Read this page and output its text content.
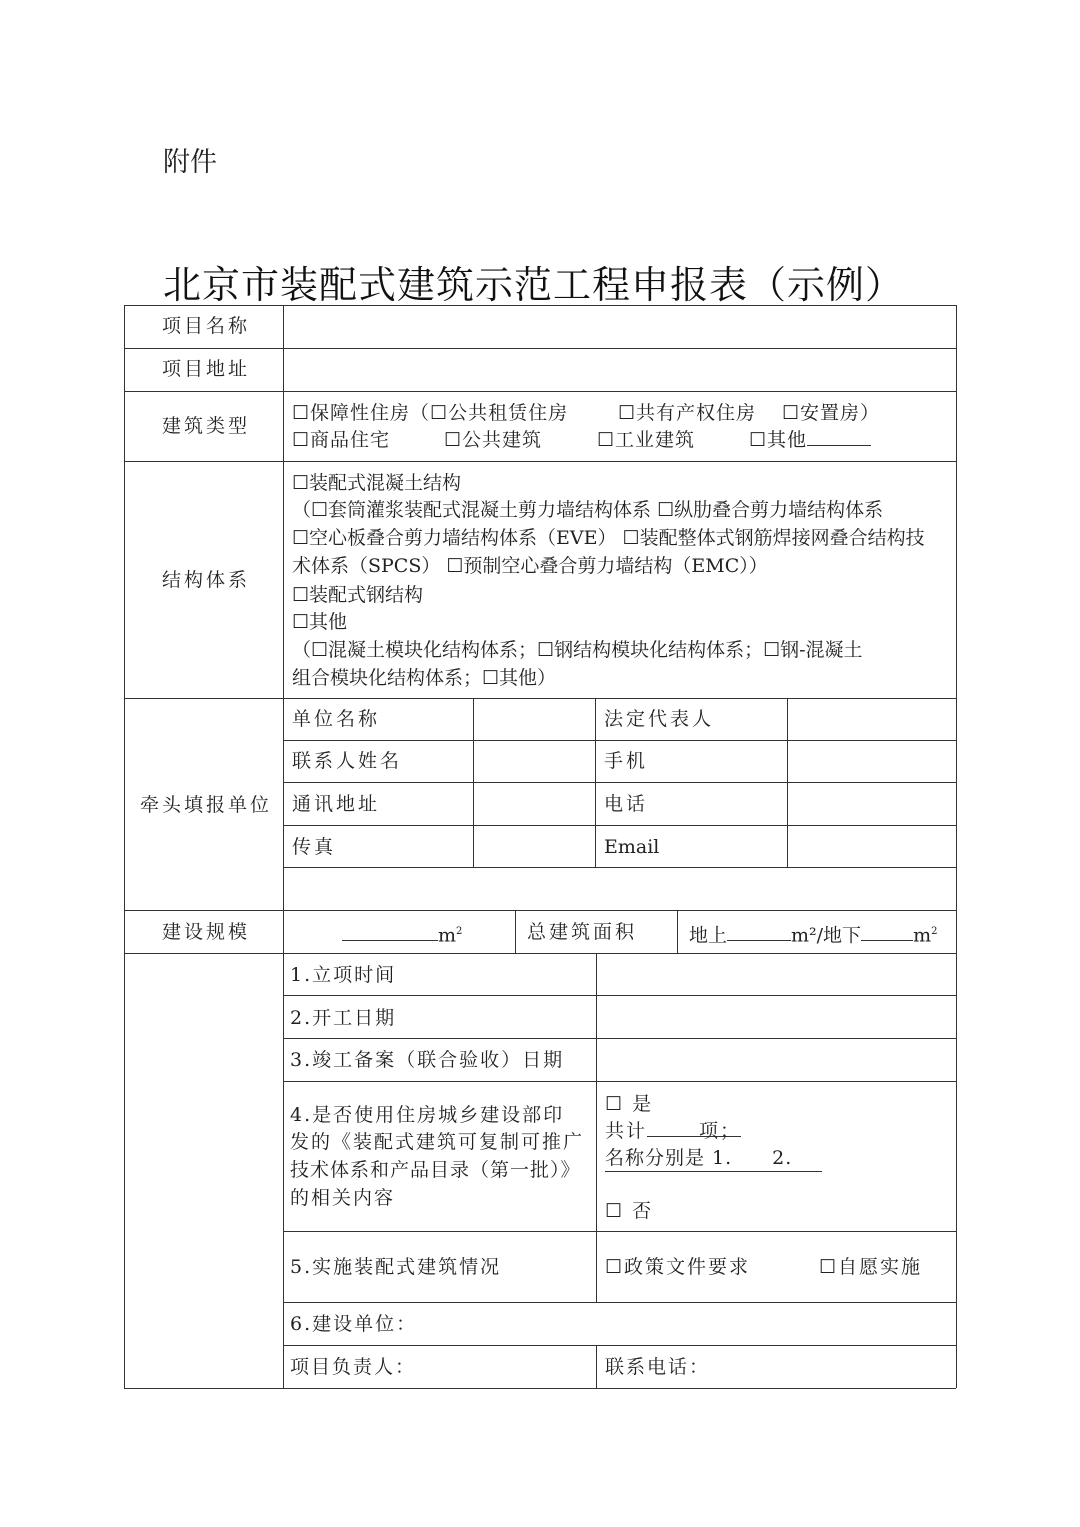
附件
北京市装配式建筑示范工程申报表（示例）
项目名称
项目地址
建筑类型
☐保障性住房（☐公共租赁住房	☐共有产权住房 ☐安置房）
☐商品住宅	☐公共建筑	☐工业建筑	☐其他
结构体系
☐装配式混凝土结构
（☐套筒灌浆装配式混凝土剪力墙结构体系 ☐纵肋叠合剪力墙结构体系
☐空心板叠合剪力墙结构体系（EVE） ☐装配整体式钢筋焊接网叠合结构技
术体系（SPCS） ☐预制空心叠合剪力墙结构（EMC））
☐装配式钢结构
☐其他
（☐混凝土模块化结构体系；☐钢结构模块化结构体系；☐钢-混凝土
组合模块化结构体系；☐其他）
牵头填报单位
单位名称	法定代表人
联系人姓名	手机
通讯地址	电话
传真	Email
建设规模	$m^2$	总建筑面积	地上	m²/地下	$m^2$
1.立项时间
2.开工日期
3.竣工备案（联合验收）日期
4.是否使用住房城乡建设部印
发的《装配式建筑可复制可推广
技术体系和产品目录（第一批）》
的相关内容
☐ 是
共计	项；
名称分别是 1. 2.
☐ 否
5.实施装配式建筑情况	☐政策文件要求	☐自愿实施
6.建设单位：
项目负责人：	联系电话：
